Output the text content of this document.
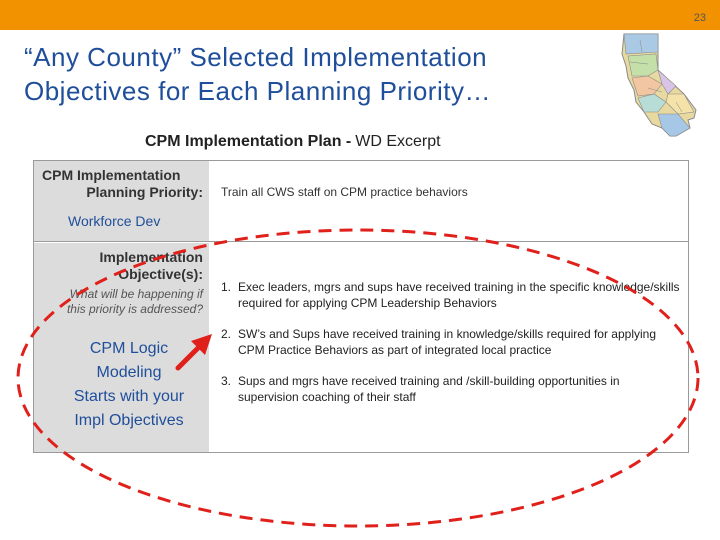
23
“Any County” Selected Implementation
Objectives for Each Planning Priority…
CPM Implementation Plan - WD Excerpt
CPM Implementation
Planning Priority:
Workforce Dev
Implementation
Objective(s):
What will be happening if
this priority is addressed?
CPM Logic
Modeling
Starts with your
Impl Objectives
Train all CWS staff on CPM practice behaviors
1. Exec leaders, mgrs and sups have received training in the specific knowledge/skills required for applying CPM Leadership Behaviors
2. SW’s and Sups have received training in knowledge/skills required for applying CPM Practice Behaviors as part of integrated local practice
3. Sups and mgrs have received training and /skill-building opportunities in supervision coaching of their staff
